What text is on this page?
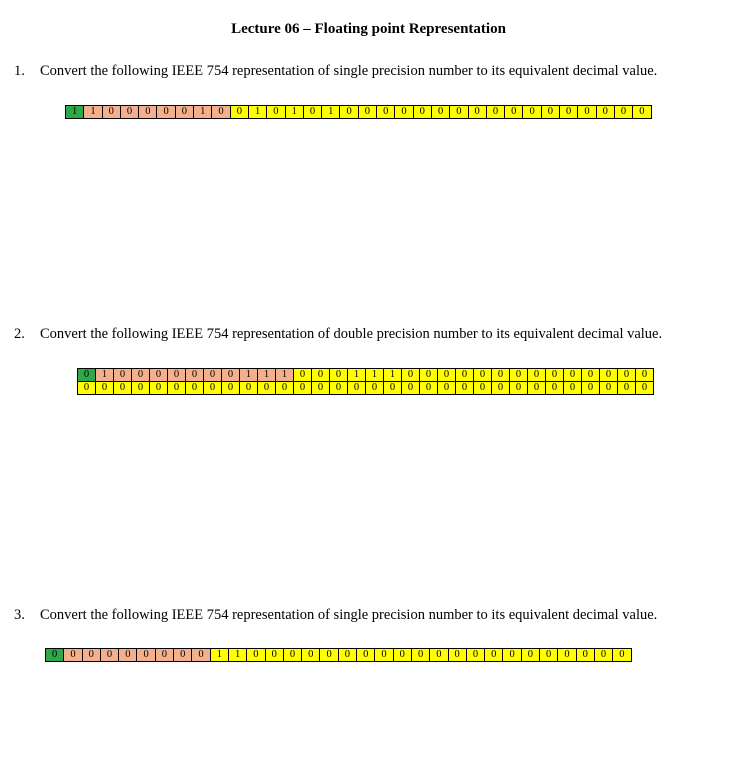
Lecture 06 – Floating point Representation
1. Convert the following IEEE 754 representation of single precision number to its equivalent decimal value.
1	1	0	0	0	0	0	1	0	0	1	0	1	0	1	0	0	0	0	0	0	0	0	0	0	0	0	0	0	0	0	0
2. Convert the following IEEE 754 representation of double precision number to its equivalent decimal value.
0	1	0	0	0	0	0	0	0	1	1	1	0	0	0	1	1	1	0	0	0	0	0	0	0	0	0	0	0	0	0	0
0	0	0	0	0	0	0	0	0	0	0	0	0	0	0	0	0	0	0	0	0	0	0	0	0	0	0	0	0	0	0	0
3. Convert the following IEEE 754 representation of single precision number to its equivalent decimal value.
0	0	0	0	0	0	0	0	0	1	1	0	0	0	0	0	0	0	0	0	0	0	0	0	0	0	0	0	0	0	0	0
